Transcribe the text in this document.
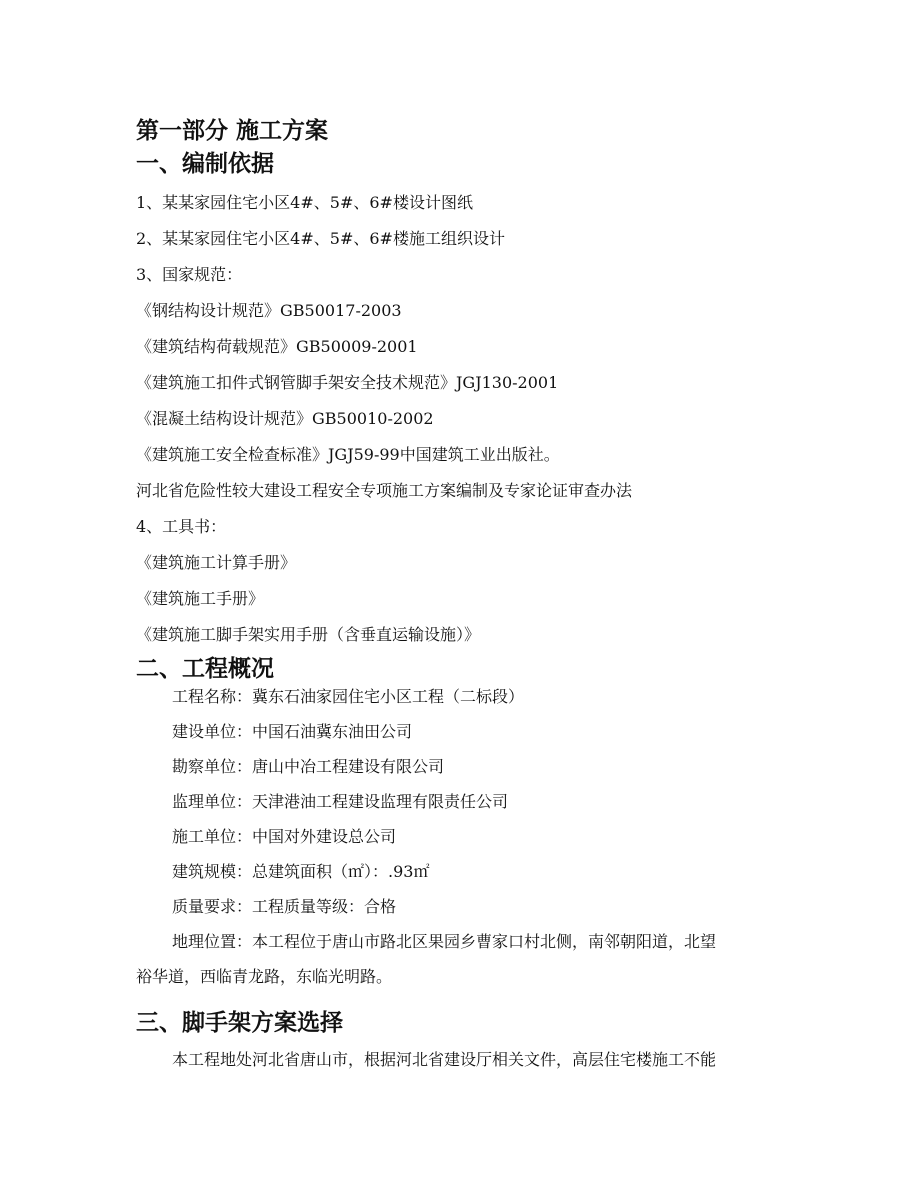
第一部分 施工方案
一、编制依据
1、某某家园住宅小区4#、5#、6#楼设计图纸
2、某某家园住宅小区4#、5#、6#楼施工组织设计
3、国家规范：
《钢结构设计规范》GB50017-2003
《建筑结构荷载规范》GB50009-2001
《建筑施工扣件式钢管脚手架安全技术规范》JGJ130-2001
《混凝土结构设计规范》GB50010-2002
《建筑施工安全检查标准》JGJ59-99中国建筑工业出版社。
河北省危险性较大建设工程安全专项施工方案编制及专家论证审查办法
4、工具书：
《建筑施工计算手册》
《建筑施工手册》
《建筑施工脚手架实用手册（含垂直运输设施）》
二、工程概况
工程名称：冀东石油家园住宅小区工程（二标段）
建设单位：中国石油冀东油田公司
勘察单位：唐山中冶工程建设有限公司
监理单位：天津港油工程建设监理有限责任公司
施工单位：中国对外建设总公司
建筑规模：总建筑面积（㎡）：.93㎡
质量要求：工程质量等级：合格
地理位置：本工程位于唐山市路北区果园乡曹家口村北侧，南邻朝阳道，北望
裕华道，西临青龙路，东临光明路。
三、脚手架方案选择
本工程地处河北省唐山市，根据河北省建设厅相关文件，高层住宅楼施工不能
